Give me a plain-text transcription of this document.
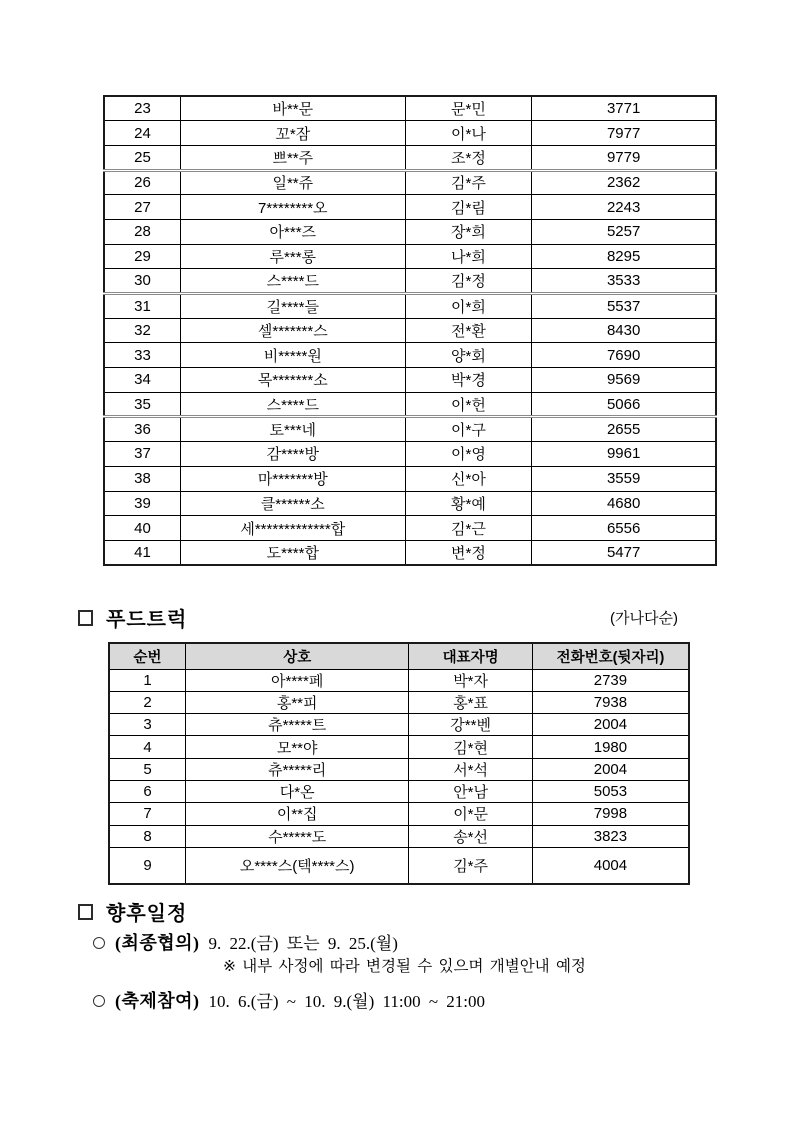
23	바**문	문*민	3771
24	꼬*잠	이*나	7977
25	쁘**주	조*정	9779
26	일**쥬	김*주	2362
27	7********오	김*림	2243
28	아***즈	장*희	5257
29	루***롱	나*희	8295
30	스****드	김*정	3533
31	길****들	이*희	5537
32	셀*******스	전*환	8430
33	비*****원	양*회	7690
34	목*******소	박*경	9569
35	스****드	이*헌	5066
36	토***네	이*구	2655
37	감****방	이*영	9961
38	마*******방	신*아	3559
39	클******소	황*예	4680
40	세*************합	김*근	6556
41	도****합	변*정	5477
푸드트럭	(가나다순)
순번	상호	대표자명	전화번호(뒷자리)
1	아****페	박*자	2739
2	홍**피	홍*표	7938
3	츄*****트	강**벤	2004
4	모**야	김*현	1980
5	츄*****리	서*석	2004
6	다*온	안*남	5053
7	이**집	이*문	7998
8	수*****도	송*선	3823
9	오****스(텍****스)	김*주	4004
향후일정
(최종협의) 9. 22.(금) 또는 9. 25.(월)
※ 내부 사정에 따라 변경될 수 있으며 개별안내 예정
(축제참여) 10. 6.(금) ~ 10. 9.(월) 11:00 ~ 21:00
